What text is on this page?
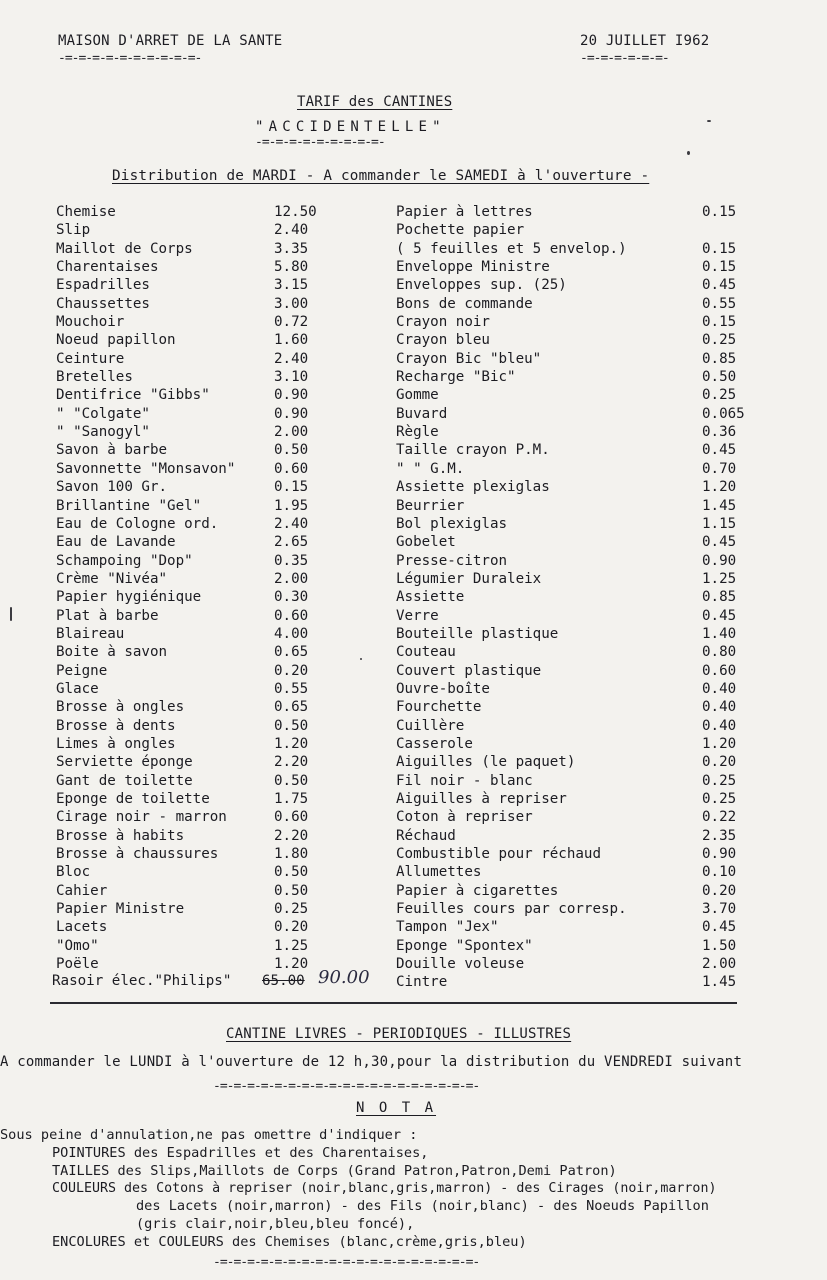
MAISON D'ARRET DE LA SANTE
-=-=-=-=-=-=-=-=-=-=-
20 JUILLET I962
-=-=-=-=-=-=-
TARIF des CANTINES
"ACCIDENTELLE"
-=-=-=-=-=-=-=-=-=-
Distribution de MARDI - A commander le SAMEDI à l'ouverture -
Chemise	12.50
Slip	2.40
Maillot de Corps	3.35
Charentaises	5.80
Espadrilles	3.15
Chaussettes	3.00
Mouchoir	0.72
Noeud papillon	1.60
Ceinture	2.40
Bretelles	3.10
Dentifrice "Gibbs"	0.90
" "Colgate"	0.90
" "Sanogyl"	2.00
Savon à barbe	0.50
Savonnette "Monsavon"	0.60
Savon 100 Gr.	0.15
Brillantine "Gel"	1.95
Eau de Cologne ord.	2.40
Eau de Lavande	2.65
Schampoing "Dop"	0.35
Crème "Nivéa"	2.00
Papier hygiénique	0.30
Plat à barbe	0.60
Blaireau	4.00
Boite à savon	0.65
Peigne	0.20
Glace	0.55
Brosse à ongles	0.65
Brosse à dents	0.50
Limes à ongles	1.20
Serviette éponge	2.20
Gant de toilette	0.50
Eponge de toilette	1.75
Cirage noir - marron	0.60
Brosse à habits	2.20
Brosse à chaussures	1.80
Bloc	0.50
Cahier	0.50
Papier Ministre	0.25
Lacets	0.20
"Omo"	1.25
Poële	1.20
Rasoir élec."Philips" 65.00 90.00
Papier à lettres	0.15
Pochette papier
( 5 feuilles et 5 envelop.)	0.15
Enveloppe Ministre	0.15
Enveloppes sup. (25)	0.45
Bons de commande	0.55
Crayon noir	0.15
Crayon bleu	0.25
Crayon Bic "bleu"	0.85
Recharge "Bic"	0.50
Gomme	0.25
Buvard	0.065
Règle	0.36
Taille crayon P.M.	0.45
" " G.M.	0.70
Assiette plexiglas	1.20
Beurrier	1.45
Bol plexiglas	1.15
Gobelet	0.45
Presse-citron	0.90
Légumier Duraleix	1.25
Assiette	0.85
Verre	0.45
Bouteille plastique	1.40
Couteau	0.80
Couvert plastique	0.60
Ouvre-boîte	0.40
Fourchette	0.40
Cuillère	0.40
Casserole	1.20
Aiguilles (le paquet)	0.20
Fil noir - blanc	0.25
Aiguilles à repriser	0.25
Coton à repriser	0.22
Réchaud	2.35
Combustible pour réchaud	0.90
Allumettes	0.10
Papier à cigarettes	0.20
Feuilles cours par corresp.	3.70
Tampon "Jex"	0.45
Eponge "Spontex"	1.50
Douille voleuse	2.00
Cintre	1.45
CANTINE LIVRES - PERIODIQUES - ILLUSTRES
A commander le LUNDI à l'ouverture de 12 h,30,pour la distribution du VENDREDI suivant
-=-=-=-=-=-=-=-=-=-=-=-=-=-=-=-=-=-=-=-
N O T A
Sous peine d'annulation,ne pas omettre d'indiquer :
POINTURES des Espadrilles et des Charentaises,
TAILLES des Slips,Maillots de Corps (Grand Patron,Patron,Demi Patron)
COULEURS des Cotons à repriser (noir,blanc,gris,marron) - des Cirages (noir,marron)
des Lacets (noir,marron) - des Fils (noir,blanc) - des Noeuds Papillon
(gris clair,noir,bleu,bleu foncé),
ENCOLURES et COULEURS des Chemises (blanc,crème,gris,bleu)
-=-=-=-=-=-=-=-=-=-=-=-=-=-=-=-=-=-=-=-
